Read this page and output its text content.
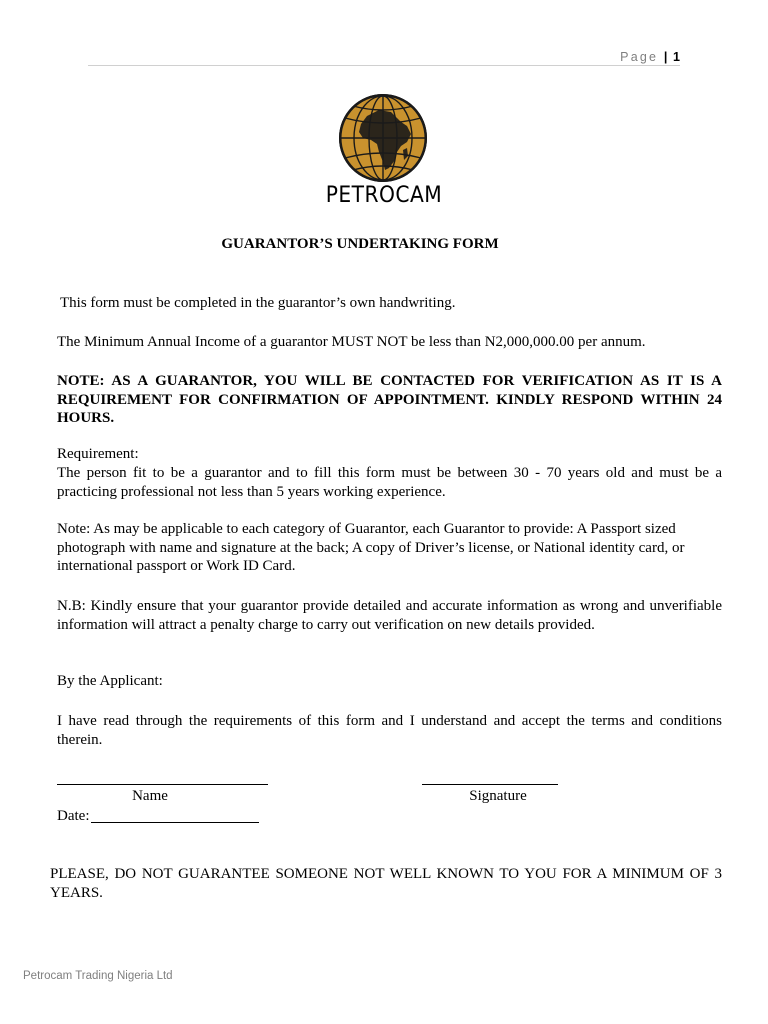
Page | 1
PETROCAM
GUARANTOR’S UNDERTAKING FORM
This form must be completed in the guarantor’s own handwriting.
The Minimum Annual Income of a guarantor MUST NOT be less than N2,000,000.00 per annum.
NOTE: AS A GUARANTOR, YOU WILL BE CONTACTED FOR VERIFICATION AS IT IS A REQUIREMENT FOR CONFIRMATION OF APPOINTMENT. KINDLY RESPOND WITHIN 24 HOURS.
Requirement:
The person fit to be a guarantor and to fill this form must be between 30 - 70 years old and must be a practicing professional not less than 5 years working experience.
Note: As may be applicable to each category of Guarantor, each Guarantor to provide: A Passport sized photograph with name and signature at the back; A copy of Driver’s license, or National identity card, or international passport or Work ID Card.
N.B: Kindly ensure that your guarantor provide detailed and accurate information as wrong and unverifiable information will attract a penalty charge to carry out verification on new details provided.
By the Applicant:
I have read through the requirements of this form and I understand and accept the terms and conditions therein.
Name	Signature
Date:
PLEASE, DO NOT GUARANTEE SOMEONE NOT WELL KNOWN TO YOU FOR A MINIMUM OF 3 YEARS.
Petrocam Trading Nigeria Ltd
